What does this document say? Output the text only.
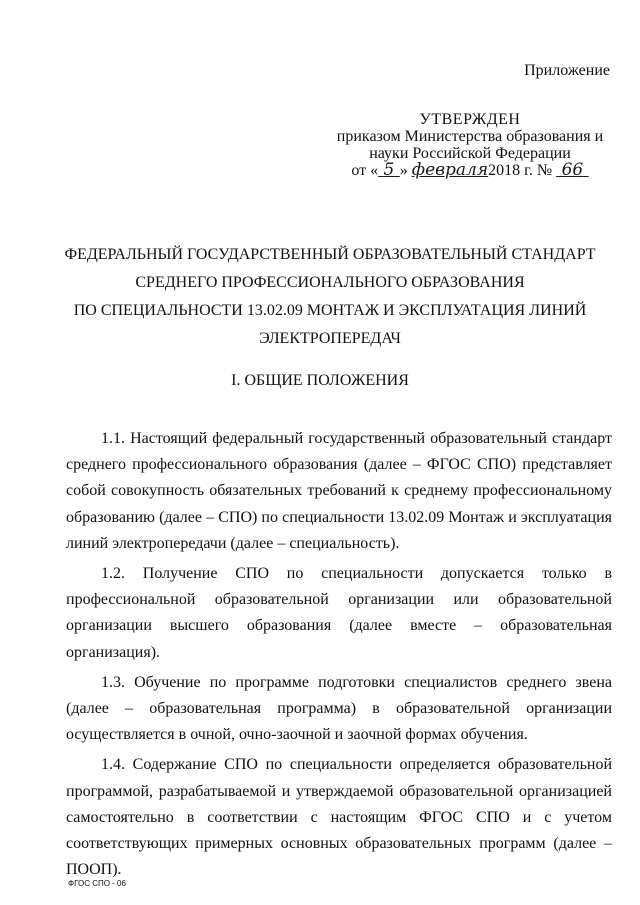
Приложение
УТВЕРЖДЕН
приказом Министерства образования и
науки Российской Федерации
от « 5 » февраля2018 г. № 66
ФЕДЕРАЛЬНЫЙ ГОСУДАРСТВЕННЫЙ ОБРАЗОВАТЕЛЬНЫЙ СТАНДАРТ
СРЕДНЕГО ПРОФЕССИОНАЛЬНОГО ОБРАЗОВАНИЯ
ПО СПЕЦИАЛЬНОСТИ 13.02.09 МОНТАЖ И ЭКСПЛУАТАЦИЯ ЛИНИЙ
ЭЛЕКТРОПЕРЕДАЧ
I. ОБЩИЕ ПОЛОЖЕНИЯ

1.1. Настоящий федеральный государственный образовательный стандарт среднего профессионального образования (далее – ФГОС СПО) представляет собой совокупность обязательных требований к среднему профессиональному образованию (далее – СПО) по специальности 13.02.09 Монтаж и эксплуатация линий электропередачи (далее – специальность).

1.2. Получение СПО по специальности допускается только в профессиональной образовательной организации или образовательной организации высшего образования (далее вместе – образовательная организация).

1.3. Обучение по программе подготовки специалистов среднего звена (далее – образовательная программа) в образовательной организации осуществляется в очной, очно-заочной и заочной формах обучения.

1.4. Содержание СПО по специальности определяется образовательной программой, разрабатываемой и утверждаемой образовательной организацией самостоятельно в соответствии с настоящим ФГОС СПО и с учетом соответствующих примерных основных образовательных программ (далее – ПООП).

ФГОС СПО - 06
